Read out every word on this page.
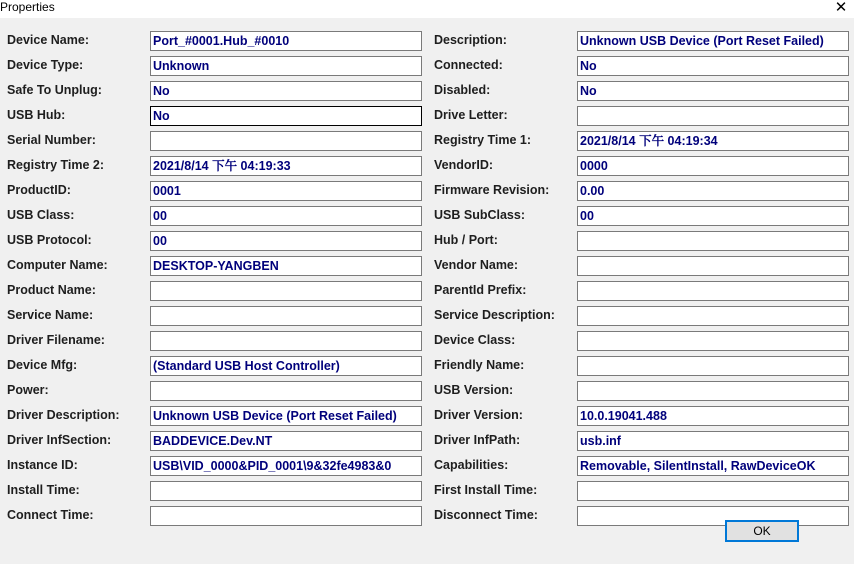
Properties	✕
Device Name:	Port_#0001.Hub_#0010
Device Type:	Unknown
Safe To Unplug:	No
USB Hub:	No
Serial Number:
Registry Time 2:	2021/8/14 下午 04:19:33
ProductID:	0001
USB Class:	00
USB Protocol:	00
Computer Name:	DESKTOP-YANGBEN
Product Name:
Service Name:
Driver Filename:
Device Mfg:	(Standard USB Host Controller)
Power:
Driver Description:	Unknown USB Device (Port Reset Failed)
Driver InfSection:	BADDEVICE.Dev.NT
Instance ID:	USB\VID_0000&PID_0001\9&32fe4983&0
Install Time:
Connect Time:
Description:	Unknown USB Device (Port Reset Failed)
Connected:	No
Disabled:	No
Drive Letter:
Registry Time 1:	2021/8/14 下午 04:19:34
VendorID:	0000
Firmware Revision: 0.00
USB SubClass:	00
Hub / Port:
Vendor Name:
ParentId Prefix:
Service Description:
Device Class:
Friendly Name:
USB Version:
Driver Version:	10.0.19041.488
Driver InfPath:	usb.inf
Capabilities:	Removable, SilentInstall, RawDeviceOK
First Install Time:
Disconnect Time:
OK
